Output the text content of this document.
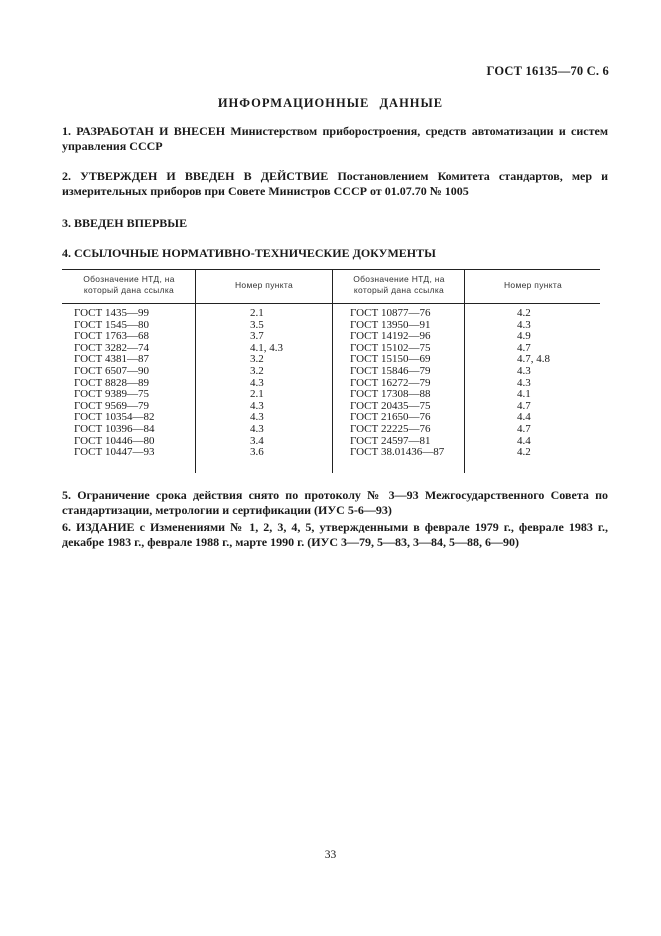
ГОСТ 16135—70 С. 6
ИНФОРМАЦИОННЫЕ ДАННЫЕ
1. РАЗРАБОТАН И ВНЕСЕН Министерством приборостроения, средств автоматизации и систем управления СССР
2. УТВЕРЖДЕН И ВВЕДЕН В ДЕЙСТВИЕ Постановлением Комитета стандартов, мер и измерительных приборов при Совете Министров СССР от 01.07.70 № 1005
3. ВВЕДЕН ВПЕРВЫЕ
4. ССЫЛОЧНЫЕ НОРМАТИВНО-ТЕХНИЧЕСКИЕ ДОКУМЕНТЫ
Обозначение НТД, на который дана ссылка	Номер пункта
Обозначение НТД, на который дана ссылка	Номер пункта
ГОСТ 1435—99
ГОСТ 1545—80
ГОСТ 1763—68
ГОСТ 3282—74
ГОСТ 4381—87
ГОСТ 6507—90
ГОСТ 8828—89
ГОСТ 9389—75
ГОСТ 9569—79
ГОСТ 10354—82
ГОСТ 10396—84
ГОСТ 10446—80
ГОСТ 10447—93
2.1
3.5
3.7
4.1, 4.3
3.2
3.2
4.3
2.1
4.3
4.3
4.3
3.4
3.6
ГОСТ 10877—76
ГОСТ 13950—91
ГОСТ 14192—96
ГОСТ 15102—75
ГОСТ 15150—69
ГОСТ 15846—79
ГОСТ 16272—79
ГОСТ 17308—88
ГОСТ 20435—75
ГОСТ 21650—76
ГОСТ 22225—76
ГОСТ 24597—81
ГОСТ 38.01436—87
4.2
4.3
4.9
4.7
4.7, 4.8
4.3
4.3
4.1
4.7
4.4
4.7
4.4
4.2
5. Ограничение срока действия снято по протоколу № 3—93 Межгосударственного Совета по стандартизации, метрологии и сертификации (ИУС 5-6—93)
6. ИЗДАНИЕ с Изменениями № 1, 2, 3, 4, 5, утвержденными в феврале 1979 г., феврале 1983 г., декабре 1983 г., феврале 1988 г., марте 1990 г. (ИУС 3—79, 5—83, 3—84, 5—88, 6—90)
33
